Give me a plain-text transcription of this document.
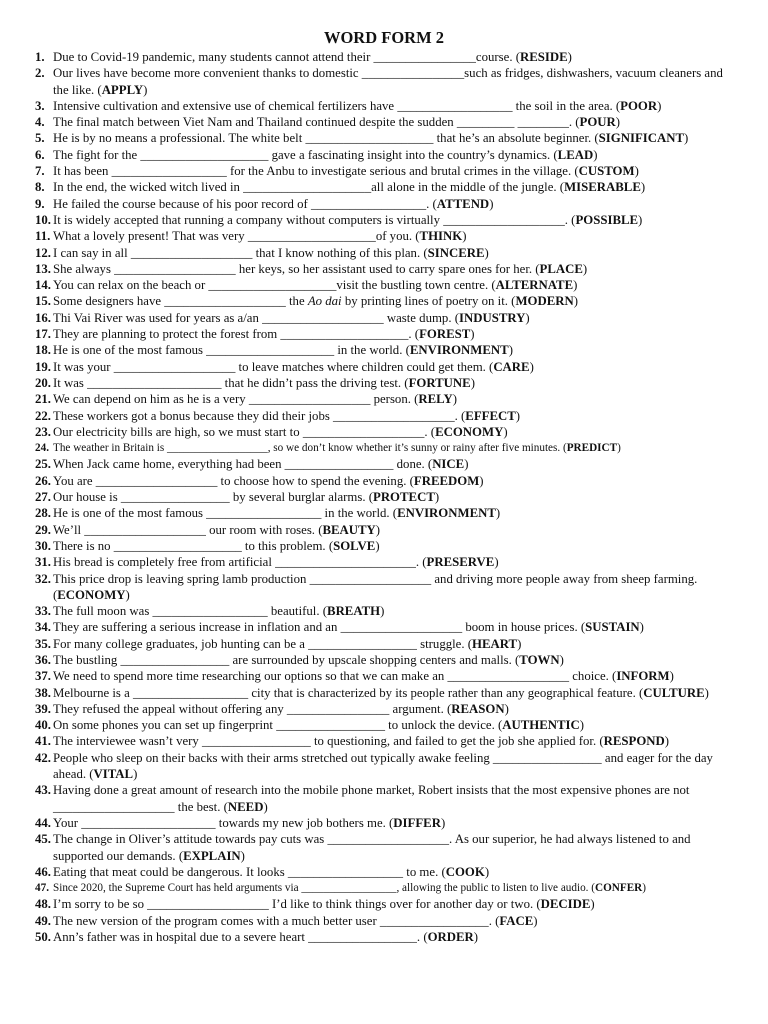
WORD FORM 2
1. Due to Covid-19 pandemic, many students cannot attend their ________________course. (RESIDE)
2. Our lives have become more convenient thanks to domestic ________________such as fridges, dishwashers, vacuum cleaners and the like. (APPLY)
3. Intensive cultivation and extensive use of chemical fertilizers have __________________ the soil in the area. (POOR)
4. The final match between Viet Nam and Thailand continued despite the sudden _________ ________. (POUR)
5. He is by no means a professional. The white belt ____________________ that he’s an absolute beginner. (SIGNIFICANT)
6. The fight for the ____________________ gave a fascinating insight into the country’s dynamics. (LEAD)
7. It has been __________________ for the Anbu to investigate serious and brutal crimes in the village. (CUSTOM)
8. In the end, the wicked witch lived in ____________________all alone in the middle of the jungle. (MISERABLE)
9. He failed the course because of his poor record of __________________. (ATTEND)
10. It is widely accepted that running a company without computers is virtually ___________________. (POSSIBLE)
11. What a lovely present! That was very ____________________of you. (THINK)
12. I can say in all ___________________ that I know nothing of this plan. (SINCERE)
13. She always ___________________ her keys, so her assistant used to carry spare ones for her. (PLACE)
14. You can relax on the beach or ____________________visit the bustling town centre. (ALTERNATE)
15. Some designers have ___________________ the Ao dai by printing lines of poetry on it. (MODERN)
16. Thi Vai River was used for years as a/an ___________________ waste dump. (INDUSTRY)
17. They are planning to protect the forest from ____________________. (FOREST)
18. He is one of the most famous ____________________ in the world. (ENVIRONMENT)
19. It was your ___________________ to leave matches where children could get them. (CARE)
20. It was _____________________ that he didn’t pass the driving test. (FORTUNE)
21. We can depend on him as he is a very ___________________ person. (RELY)
22. These workers got a bonus because they did their jobs ___________________. (EFFECT)
23. Our electricity bills are high, so we must start to ___________________. (ECONOMY)
24. The weather in Britain is __________________, so we don’t know whether it’s sunny or rainy after five minutes. (PREDICT)
25. When Jack came home, everything had been _________________ done. (NICE)
26. You are ___________________ to choose how to spend the evening. (FREEDOM)
27. Our house is _________________ by several burglar alarms. (PROTECT)
28. He is one of the most famous __________________ in the world. (ENVIRONMENT)
29. We’ll ___________________ our room with roses. (BEAUTY)
30. There is no ____________________ to this problem. (SOLVE)
31. His bread is completely free from artificial ______________________. (PRESERVE)
32. This price drop is leaving spring lamb production ___________________ and driving more people away from sheep farming. (ECONOMY)
33. The full moon was __________________ beautiful. (BREATH)
34. They are suffering a serious increase in inflation and an ___________________ boom in house prices. (SUSTAIN)
35. For many college graduates, job hunting can be a _________________ struggle. (HEART)
36. The bustling _________________ are surrounded by upscale shopping centers and malls. (TOWN)
37. We need to spend more time researching our options so that we can make an ___________________ choice. (INFORM)
38. Melbourne is a __________________ city that is characterized by its people rather than any geographical feature. (CULTURE)
39. They refused the appeal without offering any ________________ argument. (REASON)
40. On some phones you can set up fingerprint _________________ to unlock the device. (AUTHENTIC)
41. The interviewee wasn’t very _________________ to questioning, and failed to get the job she applied for. (RESPOND)
42. People who sleep on their backs with their arms stretched out typically awake feeling _________________ and eager for the day ahead. (VITAL)
43. Having done a great amount of research into the mobile phone market, Robert insists that the most expensive phones are not ___________________ the best. (NEED)
44. Your _____________________ towards my new job bothers me. (DIFFER)
45. The change in Oliver’s attitude towards pay cuts was ___________________. As our superior, he had always listened to and supported our demands. (EXPLAIN)
46. Eating that meat could be dangerous. It looks __________________ to me. (COOK)
47. Since 2020, the Supreme Court has held arguments via _________________, allowing the public to listen to live audio. (CONFER)
48. I’m sorry to be so ___________________ I’d like to think things over for another day or two. (DECIDE)
49. The new version of the program comes with a much better user _________________. (FACE)
50. Ann’s father was in hospital due to a severe heart _________________. (ORDER)
